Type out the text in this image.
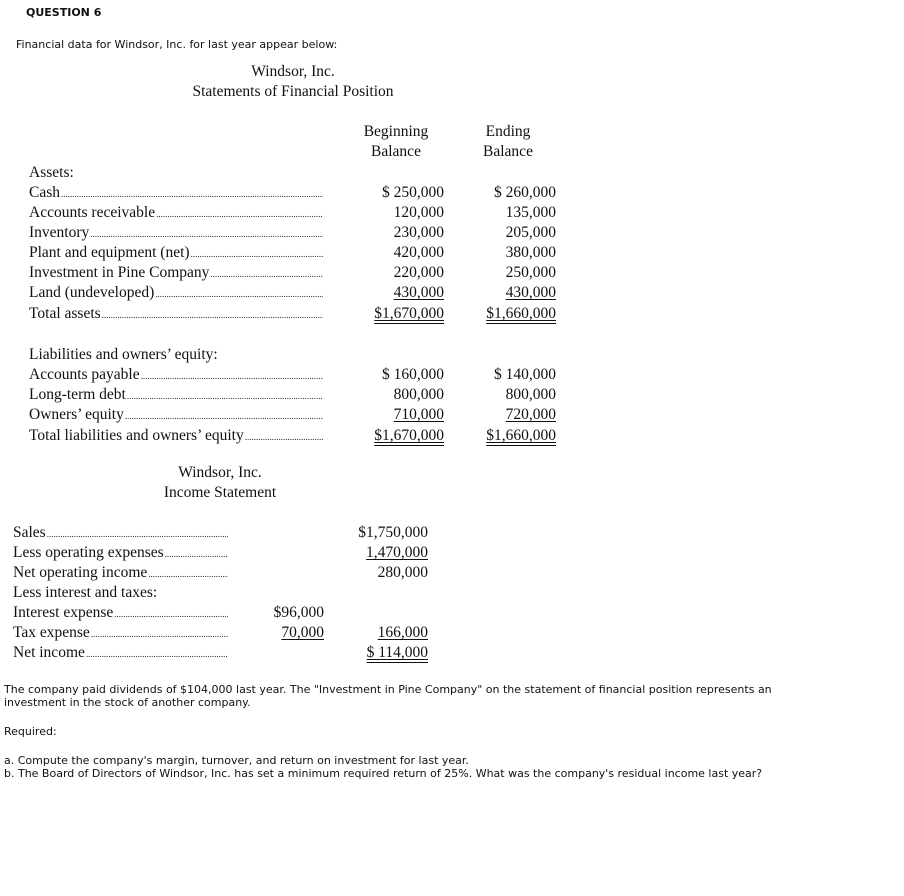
QUESTION 6
Financial data for Windsor, Inc. for last year appear below:
Windsor, Inc.
Statements of Financial Position
Beginning
Balance
Ending
Balance
Assets:
Cash
.....
Accounts receivable
.....
Inventory
.....
Plant and equipment (net)
.....
Investment in Pine Company
.....
Land (undeveloped)
.....
Total assets
.....
$ 250,000
120,000
230,000
420,000
220,000
430,000
$1,670,000
$ 260,000
135,000
205,000
380,000
250,000
430,000
$1,660,000
Liabilities and owners’ equity:
Accounts payable
.....
Long-term debt
.....
Owners’ equity
.....
Total liabilities and owners’ equity
.....
$ 160,000
800,000
710,000
$1,670,000
$ 140,000
800,000
720,000
$1,660,000
Windsor, Inc.
Income Statement
Sales
.....
Less operating expenses
.....
Net operating income
.....
Less interest and taxes:
Interest expense
.....
Tax expense
.....
Net income
.....
$96,000
70,000
$1,750,000
1,470,000
280,000
166,000
$ 114,000
The company paid dividends of $104,000 last year. The "Investment in Pine Company" on the statement of financial position represents an investment in the stock of another company.
Required:
a. Compute the company's margin, turnover, and return on investment for last year.
b. The Board of Directors of Windsor, Inc. has set a minimum required return of 25%. What was the company's residual income last year?
